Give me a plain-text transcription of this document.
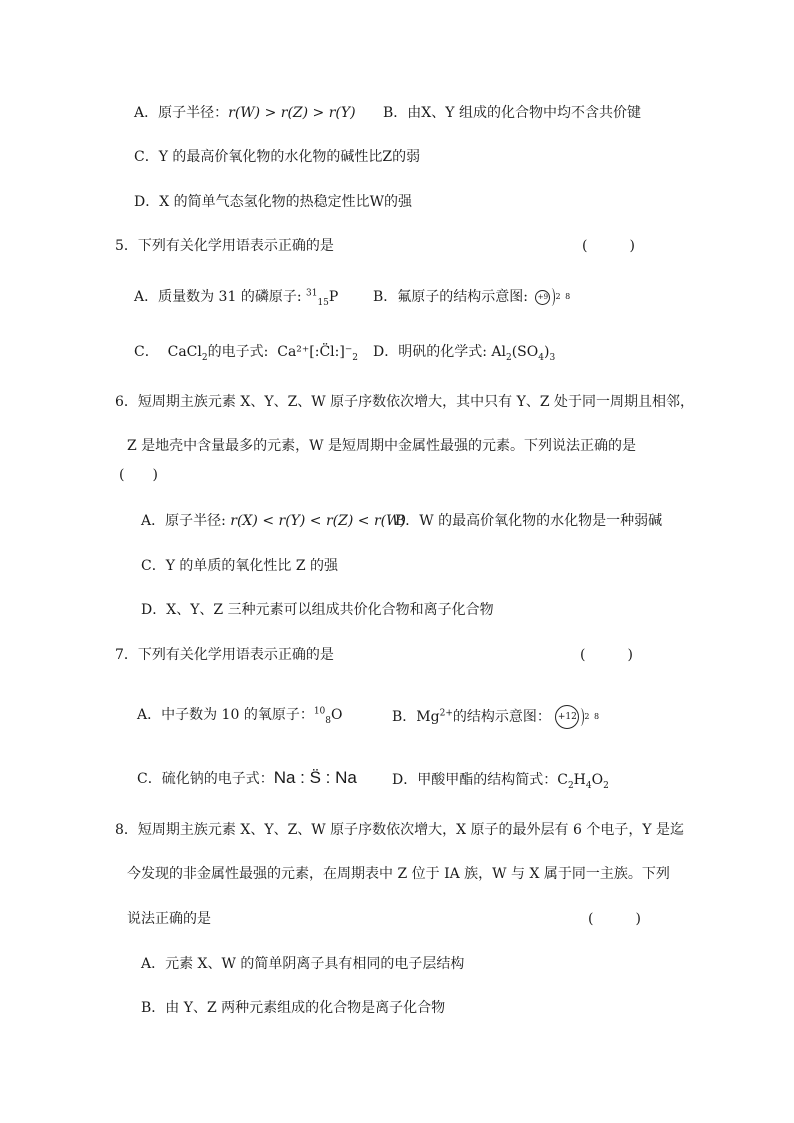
A．原子半径：r(W) > r(Z) > r(Y) B．由X、Y 组成的化合物中均不含共价键
C．Y 的最高价氧化物的水化物的碱性比Z的弱
D．X 的简单气态氢化物的热稳定性比W的强
5．下列有关化学用语表示正确的是	(　　　)
A．质量数为 31 的磷原子: $^{31}_{15}$P B．氟原子的结构示意图: +9 2 8
C． CaCl$_2$的电子式: $Ca^{2+}[:C̈l:]^-_2$ D．明矾的化学式: $Al_2(SO_4)_3$
6．短周期主族元素 X、Y、Z、W 原子序数依次增大，其中只有 Y、Z 处于同一周期且相邻，
Z 是地壳中含量最多的元素，W 是短周期中金属性最强的元素。下列说法正确的是
(　　)
A．原子半径: r(X) < r(Y) < r(Z) < r(W)
B．W 的最高价氧化物的水化物是一种弱碱
C．Y 的单质的氧化性比 Z 的强
D．X、Y、Z 三种元素可以组成共价化合物和离子化合物
7．下列有关化学用语表示正确的是	(　　　)
A．中子数为 10 的氧原子：$^{10}_8$O	B．$Mg^{2+}$的结构示意图： +12 2 8
C．硫化钠的电子式：Na : S̈ : Na	D．甲酸甲酯的结构简式：$C_2H_4O_2$
8．短周期主族元素 X、Y、Z、W 原子序数依次增大，X 原子的最外层有 6 个电子，Y 是迄
今发现的非金属性最强的元素，在周期表中 Z 位于 IA 族，W 与 X 属于同一主族。下列
说法正确的是	(　　　)
A．元素 X、W 的简单阴离子具有相同的电子层结构
B．由 Y、Z 两种元素组成的化合物是离子化合物
